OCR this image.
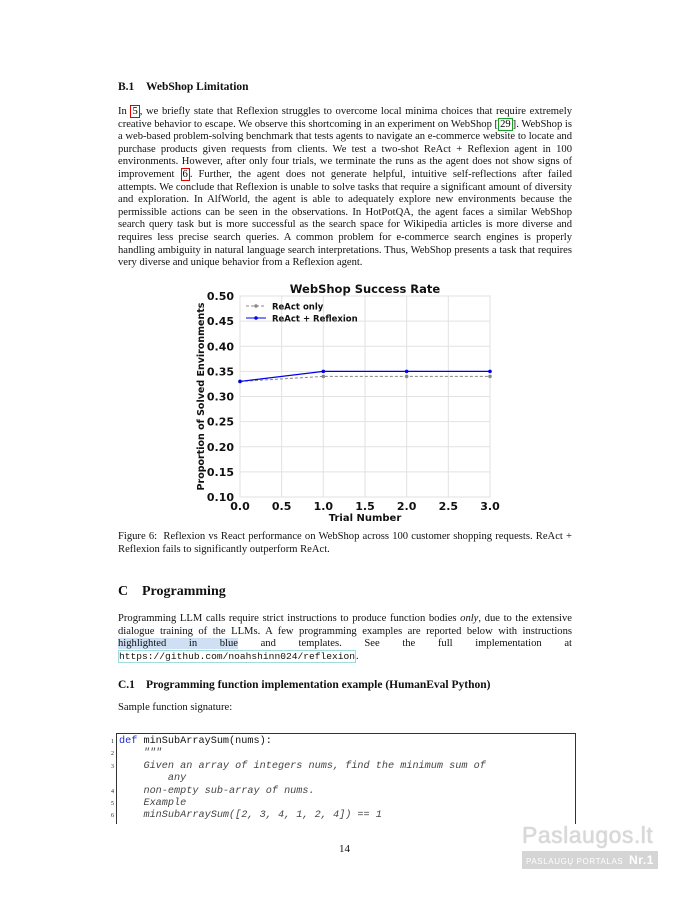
B.1 WebShop Limitation
In 5 , we briefly state that Reflexion struggles to overcome local minima choices that require extremely creative behavior to escape. We observe this shortcoming in an experiment on WebShop [ 29 ]. WebShop is a web-based problem-solving benchmark that tests agents to navigate an e-commerce website to locate and purchase products given requests from clients. We test a two-shot ReAct + Reflexion agent in 100 environments. However, after only four trials, we terminate the runs as the agent does not show signs of improvement 6 . Further, the agent does not generate helpful, intuitive self-reflections after failed attempts. We conclude that Reflexion is unable to solve tasks that require a significant amount of diversity and exploration. In AlfWorld, the agent is able to adequately explore new environments because the permissible actions can be seen in the observations. In HotPotQA, the agent faces a similar WebShop search query task but is more successful as the search space for Wikipedia articles is more diverse and requires less precise search queries. A common problem for e-commerce search engines is properly handling ambiguity in natural language search interpretations. Thus, WebShop presents a task that requires very diverse and unique behavior from a Reflexion agent.
0.10
0.15
0.20
0.25
0.30
0.35
0.40
0.45
0.50
0.0 0.5 1.0 1.5 2.0 2.5 3.0
WebShop Success Rate
Trial Number
Proportion of Solved Environments	ReAct only
ReAct + Reflexion
Figure 6: Reflexion vs React performance on WebShop across 100 customer shopping requests. ReAct + Reflexion fails to significantly outperform ReAct.
C Programming
Programming LLM calls require strict instructions to produce function bodies only, due to the extensive dialogue training of the LLMs. A few programming examples are reported below with instructions highlighted in blue and templates. See the full implementation at https://github.com/noahshinn024/reflexion.
C.1 Programming function implementation example (HumanEval Python)
Sample function signature:
1 def minSubArraySum(nums):
2 """
3 Given an array of integers nums, find the minimum sum of
any
4 non-empty sub-array of nums.
5 Example
6 minSubArraySum([2, 3, 4, 1, 2, 4]) == 1
14
Paslaugos.lt
PASLAUGŲ PORTALAS Nr.1
